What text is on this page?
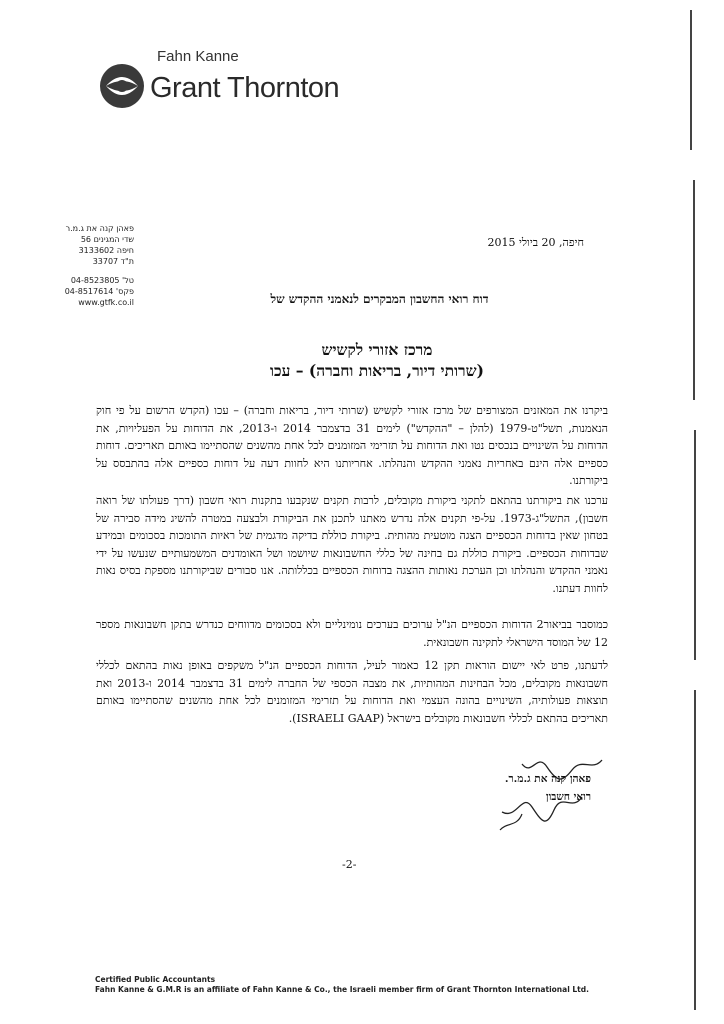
Fahn Kanne
Grant Thornton
פאהן קנה את ג.מ.ר
שדי המגינים 56
חיפה 3133602
ת"ד 33707
טל' 04-8523805
פקס' 04-8517614
www.gtfk.co.il
חיפה, 20 ביולי 2015
דוח רואי החשבון המבקרים לנאמני ההקדש של
מרכז אזורי לקשיש
(שרותי דיור, בריאות וחברה) – עכו
ביקרנו את המאזנים המצורפים של מרכז אזורי לקשיש (שרותי דיור, בריאות וחברה) – עכו (הקדש הרשום על פי חוק הנאמנות, תשל"ט-1979 (להלן – "ההקדש") לימים 31 בדצמבר 2014 ו-2013, את הדוחות על הפעליויות, את הדוחות על השינויים בנכסים נטו ואת הדוחות על תזרימי המזומנים לכל אחת מהשנים שהסתיימו באותם תאריכים. דוחות כספיים אלה הינם באחריות נאמני ההקדש והנהלתו. אחריותנו היא לחוות דעה על דוחות כספיים אלה בהתבסס על ביקורתנו.
ערכנו את ביקורתנו בהתאם לתקני ביקורת מקובלים, לרבות תקנים שנקבעו בתקנות רואי חשבון (דרך פעולתו של רואה חשבון), התשל"ג-1973. על-פי תקנים אלה נדרש מאתנו לתכנן את הביקורת ולבצעה במטרה להשיג מידה סבירה של בטחון שאין בדוחות הכספיים הצגה מוטעית מהותית. ביקורת כוללת בדיקה מדגמית של ראיות התומכות בסכומים ובמידע שבדוחות הכספיים. ביקורת כוללת גם בחינה של כללי החשבונאות שיושמו ושל האומדנים המשמעותיים שנעשו על ידי נאמני ההקדש והנהלתו וכן הערכת נאותות ההצגה בדוחות הכספיים בכללותה. אנו סבורים שביקורתנו מספקת בסיס נאות לחוות דעתנו.
כמוסבר בביאור2 הדוחות הכספיים הנ"ל ערוכים בערכים נומינליים ולא בסכומים מדווחים כנדרש בתקן חשבונאות מספר 12 של המוסד הישראלי לתקינה חשבונאית.
לדעתנו, פרט לאי יישום הוראות תקן 12 כאמור לעיל, הדוחות הכספיים הנ"ל משקפים באופן נאות בהתאם לכללי חשבונאות מקובלים, מכל הבחינות המהותיות, את מצבה הכספי של החברה לימים 31 בדצמבר 2014 ו-2013 ואת תוצאות פעולותיה, השינויים בהונה העצמי ואת הדוחות על תזרימי המזומנים לכל אחת מהשנים שהסתיימו באותם תאריכים בהתאם לכללי חשבונאות מקובלים בישראל (ISRAELI GAAP).
פאהן קנה את ג.מ.ר.
רואי חשבון
-2-
Certified Public Accountants
Fahn Kanne & G.M.R is an affiliate of Fahn Kanne & Co., the Israeli member firm of Grant Thornton International Ltd.
